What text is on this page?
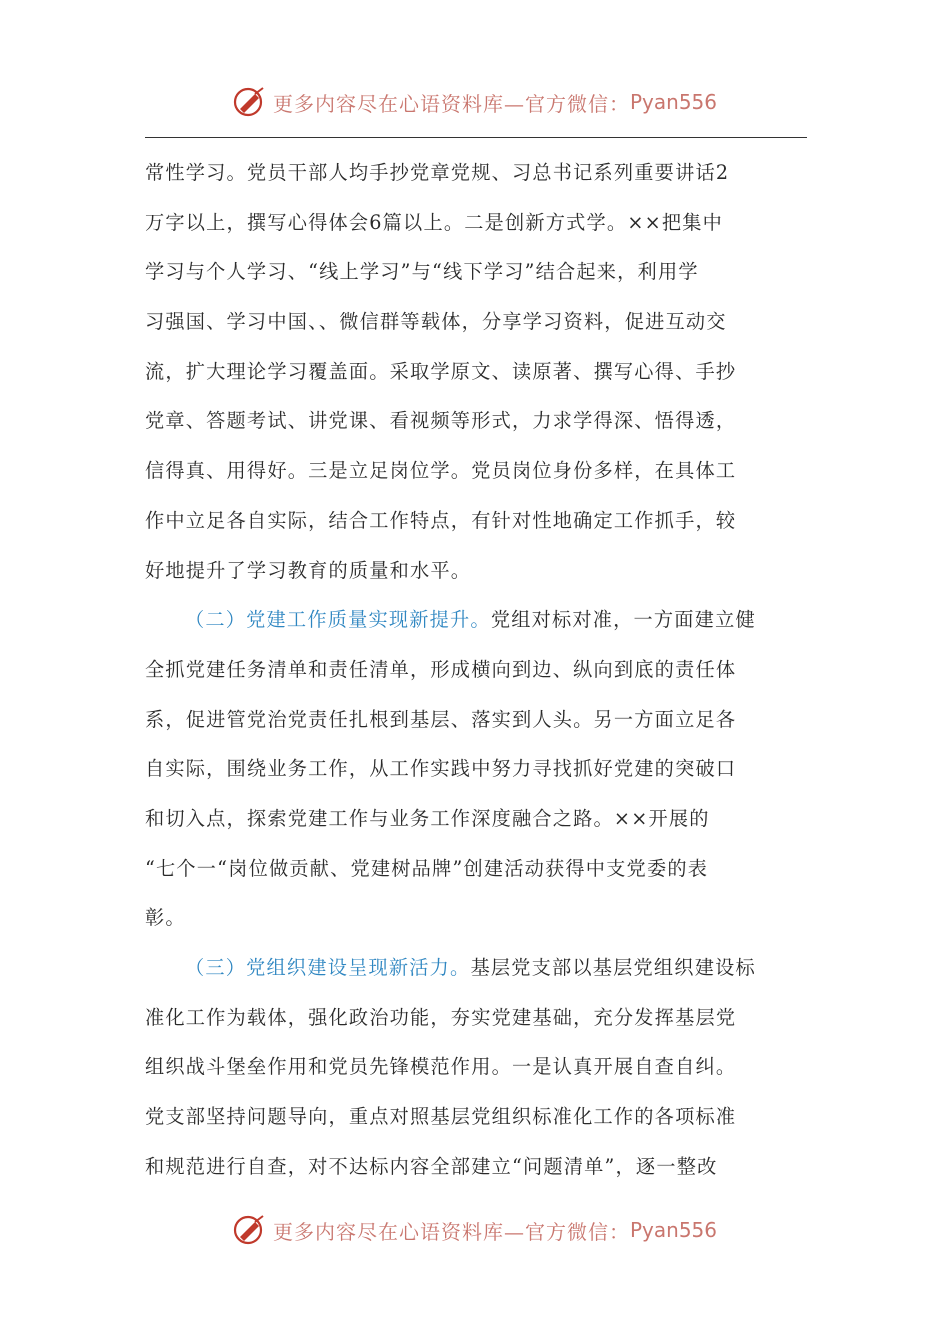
更多内容尽在心语资料库—官方微信： Pyan556
常性学习。党员干部人均手抄党章党规、习总书记系列重要讲话2
万字以上，撰写心得体会6篇以上。二是创新方式学。××把集中
学习与个人学习、“线上学习”与“线下学习”结合起来，利用学
习强国、学习中国、、微信群等载体，分享学习资料，促进互动交
流，扩大理论学习覆盖面。采取学原文、读原著、撰写心得、手抄
党章、答题考试、讲党课、看视频等形式，力求学得深、悟得透，
信得真、用得好。三是立足岗位学。党员岗位身份多样，在具体工
作中立足各自实际，结合工作特点，有针对性地确定工作抓手，较
好地提升了学习教育的质量和水平。
（二）党建工作质量实现新提升。党组对标对准，一方面建立健
全抓党建任务清单和责任清单，形成横向到边、纵向到底的责任体
系，促进管党治党责任扎根到基层、落实到人头。另一方面立足各
自实际，围绕业务工作，从工作实践中努力寻找抓好党建的突破口
和切入点，探索党建工作与业务工作深度融合之路。××开展的
“七个一“岗位做贡献、党建树品牌”创建活动获得中支党委的表
彰。
（三）党组织建设呈现新活力。基层党支部以基层党组织建设标
准化工作为载体，强化政治功能，夯实党建基础，充分发挥基层党
组织战斗堡垒作用和党员先锋模范作用。一是认真开展自查自纠。
党支部坚持问题导向，重点对照基层党组织标准化工作的各项标准
和规范进行自查，对不达标内容全部建立“问题清单”，逐一整改
更多内容尽在心语资料库—官方微信： Pyan556
